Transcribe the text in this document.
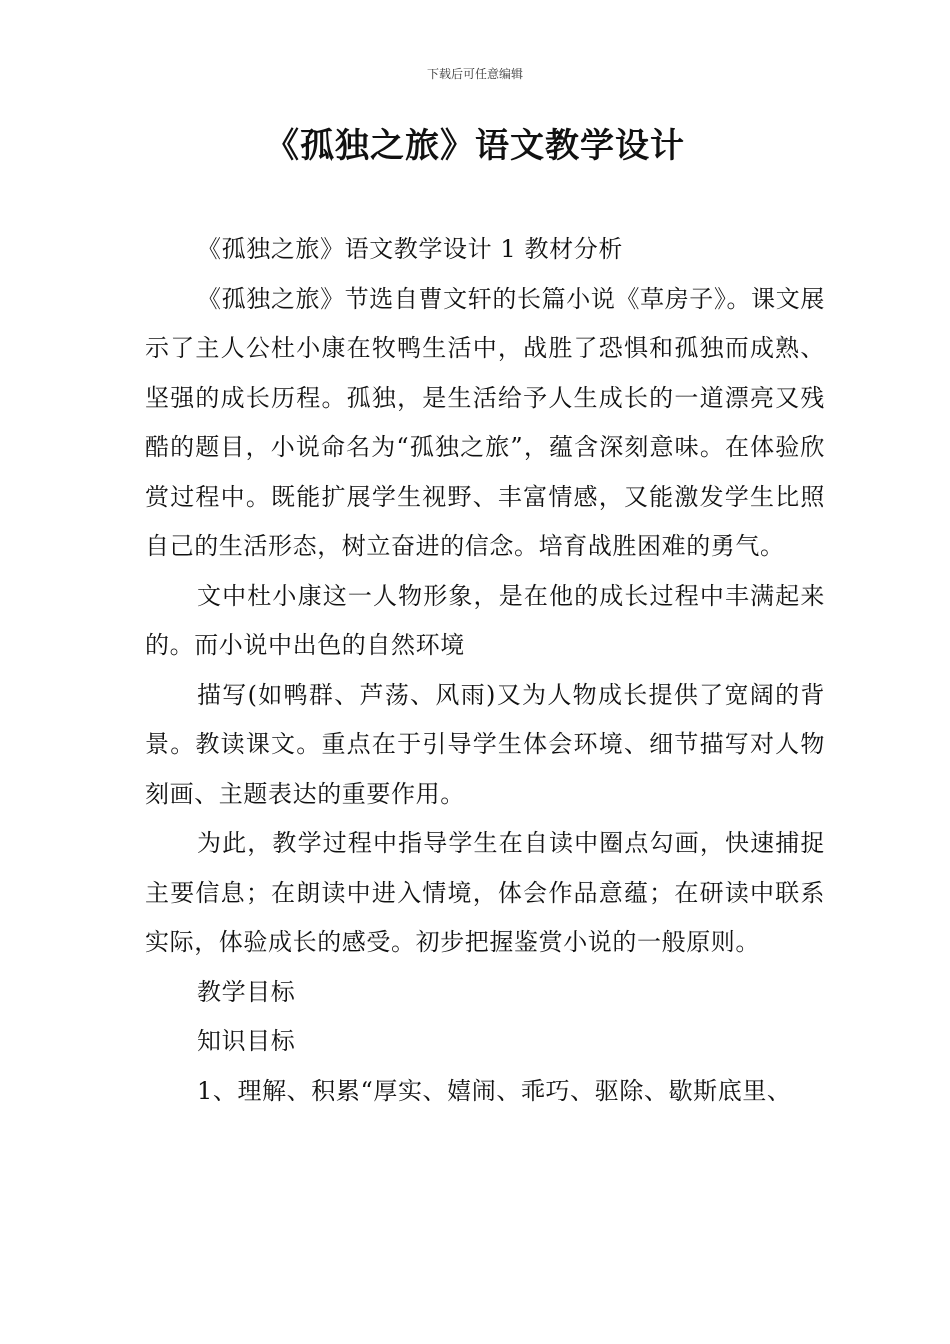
下载后可任意编辑
《孤独之旅》语文教学设计

《孤独之旅》语文教学设计 1 教材分析

《孤独之旅》节选自曹文轩的长篇小说《草房子》。课文展示了主人公杜小康在牧鸭生活中，战胜了恐惧和孤独而成熟、坚强的成长历程。孤独，是生活给予人生成长的一道漂亮又残酷的题目，小说命名为“孤独之旅”，蕴含深刻意味。在体验欣赏过程中。既能扩展学生视野、丰富情感，又能激发学生比照自己的生活形态，树立奋进的信念。培育战胜困难的勇气。

文中杜小康这一人物形象，是在他的成长过程中丰满起来的。而小说中出色的自然环境

描写(如鸭群、芦荡、风雨)又为人物成长提供了宽阔的背景。教读课文。重点在于引导学生体会环境、细节描写对人物刻画、主题表达的重要作用。

为此，教学过程中指导学生在自读中圈点勾画，快速捕捉主要信息；在朗读中进入情境，体会作品意蕴；在研读中联系实际，体验成长的感受。初步把握鉴赏小说的一般原则。

教学目标

知识目标

1、理解、积累“厚实、嬉闹、乖巧、驱除、歇斯底里、
